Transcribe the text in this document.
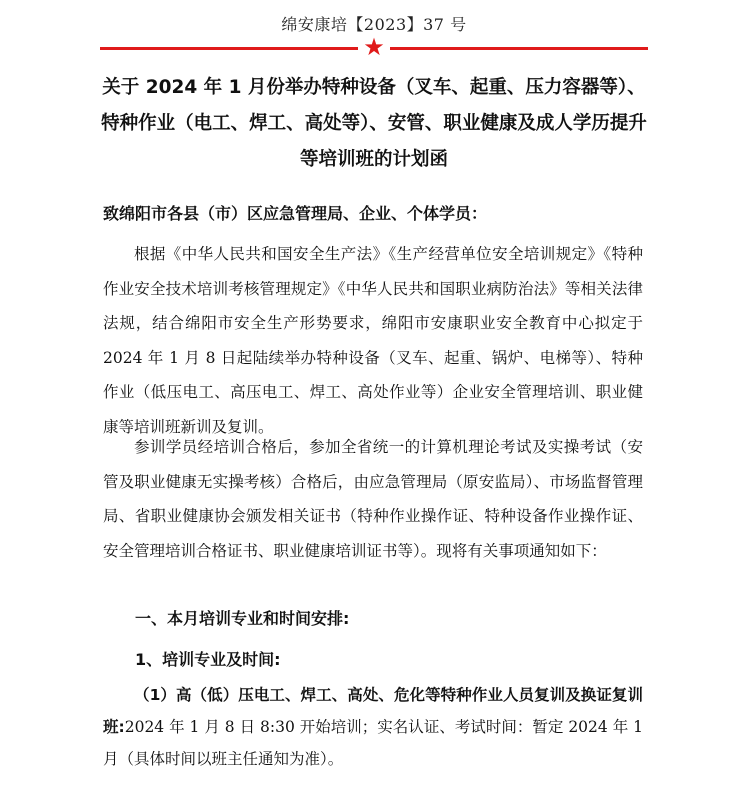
绵安康培【2023】37 号
★
关于 2024 年 1 月份举办特种设备（叉车、起重、压力容器等）、特种作业（电工、焊工、高处等）、安管、职业健康及成人学历提升等培训班的计划函
致绵阳市各县（市）区应急管理局、企业、个体学员：

根据《中华人民共和国安全生产法》《生产经营单位安全培训规定》《特种作业安全技术培训考核管理规定》《中华人民共和国职业病防治法》等相关法律法规，结合绵阳市安全生产形势要求，绵阳市安康职业安全教育中心拟定于 2024 年 1 月 8 日起陆续举办特种设备（叉车、起重、锅炉、电梯等）、特种作业（低压电工、高压电工、焊工、高处作业等）企业安全管理培训、职业健康等培训班新训及复训。

参训学员经培训合格后，参加全省统一的计算机理论考试及实操考试（安管及职业健康无实操考核）合格后，由应急管理局（原安监局）、市场监督管理局、省职业健康协会颁发相关证书（特种作业操作证、特种设备作业操作证、安全管理培训合格证书、职业健康培训证书等）。现将有关事项通知如下：

一、本月培训专业和时间安排:

1、培训专业及时间:

（1）高（低）压电工、焊工、高处、危化等特种作业人员复训及换证复训班:2024 年 1 月 8 日 8:30 开始培训；实名认证、考试时间：暂定 2024 年 1 月（具体时间以班主任通知为准）。
